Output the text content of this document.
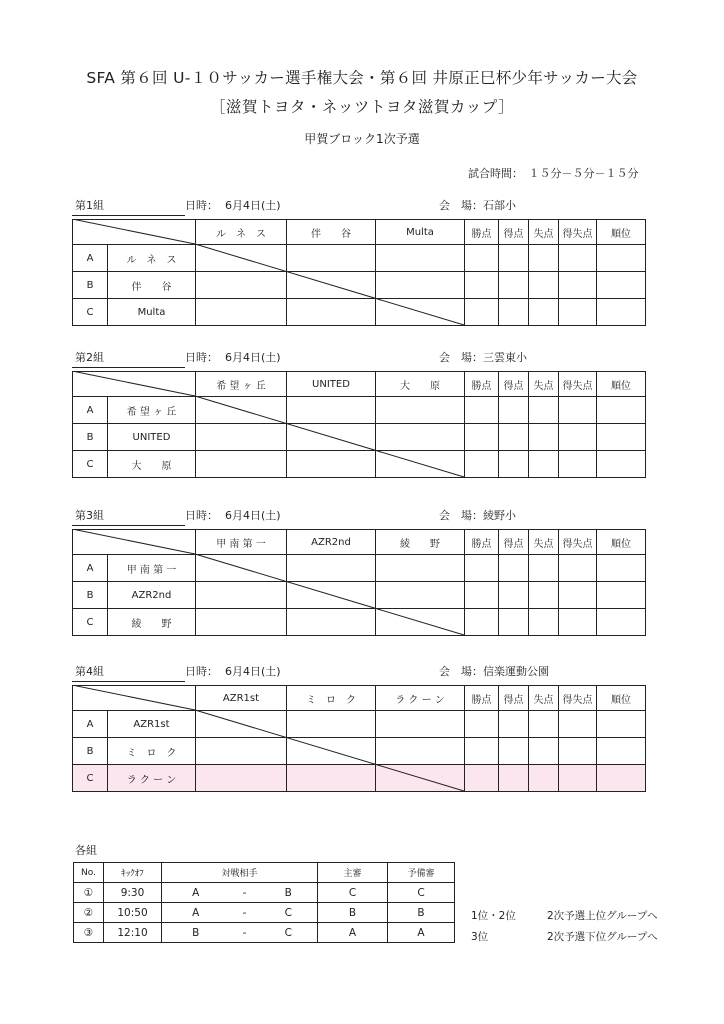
SFA 第６回 U-１０サッカー選手権大会・第６回 井原正巳杯少年サッカー大会
［滋賀トヨタ・ネッツトヨタ滋賀カップ］
甲賀ブロック1次予選
試合時間：　１５分－５分－１５分
第1組	日時：  6月4日(土)	会　場：石部小
		ル　ネ　ス	伴　　谷	Multa	勝点	得点	失点	得失点	順位
A	ル　ネ　ス								
B	伴　　谷								
C	Multa								
第2組	日時：  6月4日(土)	会　場：三雲東小
		希 望 ヶ 丘	UNITED	大　　原	勝点	得点	失点	得失点	順位
A	希 望 ヶ 丘								
B	UNITED								
C	大　　原								
第3組	日時：  6月4日(土)	会　場：綾野小
		甲 南 第 一	AZR2nd	綾　　野	勝点	得点	失点	得失点	順位
A	甲 南 第 一								
B	AZR2nd								
C	綾　　野								
第4組	日時：  6月4日(土)	会　場：信楽運動公園
		AZR1st	ミ　ロ　ク	ラ ク ー ン	勝点	得点	失点	得失点	順位
A	AZR1st								
B	ミ　ロ　ク								
C	ラ ク ー ン								
各組
No.	ｷｯｸｵﾌ	対戦相手			主審	予備審
①	9:30	A	-	B	C	C
②	10:50	A	-	C	B	B
③	12:10	B	-	C	A	A
1位・2位	2次予選上位グループへ
3位	2次予選下位グループへ
